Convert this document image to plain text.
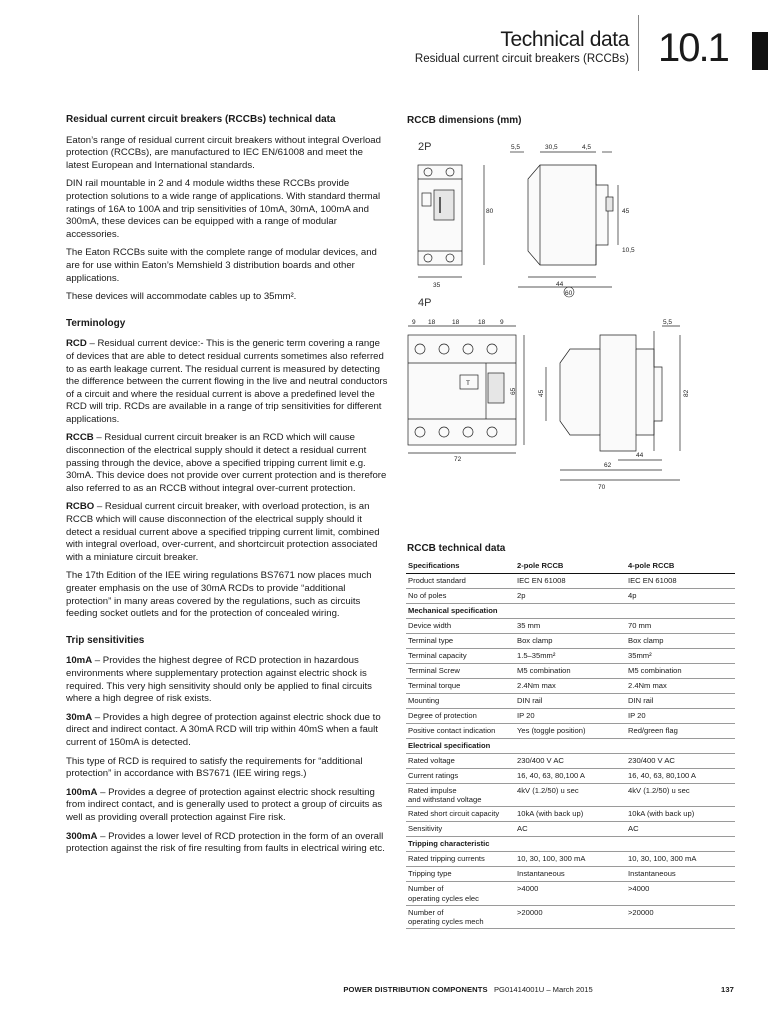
Technical data
Residual current circuit breakers (RCCBs) 10.1
Residual current circuit breakers (RCCBs) technical data

Eaton’s range of residual current circuit breakers without integral Overload protection (RCCBs), are manufactured to IEC EN/61008 and meet the latest European and International standards.

DIN rail mountable in 2 and 4 module widths these RCCBs provide protection solutions to a wide range of applications. With standard thermal ratings of 16A to 100A and trip sensitivities of 10mA, 30mA, 100mA and 300mA, these devices can be equipped with a range of modular accessories.

The Eaton RCCBs suite with the complete range of modular devices, and are for use within Eaton’s Memshield 3 distribution boards and other applications.

These devices will accommodate cables up to 35mm².

Terminology

RCD – Residual current device:- This is the generic term covering a range of devices that are able to detect residual currents sometimes also referred to as earth leakage current. The residual current is measured by detecting the difference between the current flowing in the live and neutral conductors of a circuit and where the residual current is above a predefined level the RCD will trip. RCDs are available in a range of trip sensitivities for different applications.

RCCB – Residual current circuit breaker is an RCD which will cause disconnection of the electrical supply should it detect a residual current passing through the device, above a specified tripping current limit e.g. 30mA. This device does not provide over current protection and is therefore also referred to as an RCCB without integral over-current protection.

RCBO – Residual current circuit breaker, with overload protection, is an RCCB which will cause disconnection of the electrical supply should it detect a residual current above a specified tripping current limit, combined with integral overload, over-current, and shortcircuit protection associated with a miniature circuit breaker.

The 17th Edition of the IEE wiring regulations BS7671 now places much greater emphasis on the use of 30mA RCDs to provide “additional protection” in many areas covered by the regulations, such as circuits feeding socket outlets and for the protection of concealed wiring.

Trip sensitivities

10mA – Provides the highest degree of RCD protection in hazardous environments where supplementary protection against electric shock is required. This very high sensitivity should only be applied to final circuits where a high degree of risk exists.

30mA – Provides a high degree of protection against electric shock due to direct and indirect contact. A 30mA RCD will trip within 40mS when a fault current of 150mA is detected.

This type of RCD is required to satisfy the requirements for “additional protection” in accordance with BS7671 (IEE wiring regs.)

100mA – Provides a degree of protection against electric shock resulting from indirect contact, and is generally used to protect a group of circuits as well as providing overall protection against Fire risk.

300mA – Provides a lower level of RCD protection in the form of an overall protection against the risk of fire resulting from faults in electrical wiring etc.

RCCB dimensions (mm)
2P
4P
35
80
5,5	30,5	4,5
45
10,5
44
60
9 18	18	18 9
72
65	45
5,5
82
44
62
70
T
RCCB technical data
Specifications	2-pole RCCB	4-pole RCCB
Product standard	IEC EN 61008	IEC EN 61008
No of poles	2p	4p
Mechanical specification		
Device width	35 mm	70 mm
Terminal type	Box clamp	Box clamp
Terminal capacity	1.5–35mm²	35mm²
Terminal Screw	M5 combination	M5 combination
Terminal torque	2.4Nm max	2.4Nm max
Mounting	DIN rail	DIN rail
Degree of protection	IP 20	IP 20
Positive contact indication	Yes (toggle position)	Red/green flag
Electrical specification		
Rated voltage	230/400 V AC	230/400 V AC
Current ratings	16, 40, 63, 80,100 A	16, 40, 63, 80,100 A
Rated impulse
and withstand voltage	4kV (1.2/50) u sec	4kV (1.2/50) u sec
Rated short circuit capacity	10kA (with back up)	10kA (with back up)
Sensitivity	AC	AC
Tripping characteristic		
Rated tripping currents	10, 30, 100, 300 mA	10, 30, 100, 300 mA
Tripping type	Instantaneous	Instantaneous
Number of
operating cycles elec	>4000	>4000
Number of
operating cycles mech	>20000	>20000
POWER DISTRIBUTION COMPONENTS PG01414001U – March 2015	137
